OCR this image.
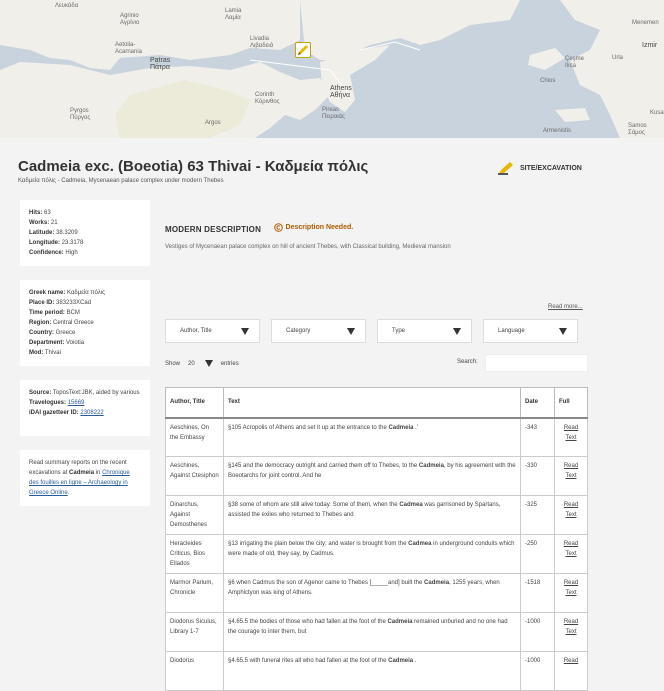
Λευκάδα
Agrinio
Αγρίνιο
Lamia
Λαμία
Aetolia-
Acarnania
Livadia
Λιβαδειά
Patras
Πάτρα
Corinth
Κόρινθος
Athens
Αθήνα
Pireas
Πειραιάς
Pyrgos
Πύργος
Izmir
Çeşme
Ilıca
Urla
Kusa
Samos
Σάμος
Menemen
Chios
Argos
Armenistis
Cadmeia exc. (Boeotia) 63 Thivai - Καδμεία πόλις
Καδμεία πόλις - Cadmeia, Mycenaean palace complex under modern Thebes
SITE/EXCAVATION
Hits: 63
Works: 21
Latitude: 38.3209
Longitude: 23.3178
Confidence: High
Greek name: Καδμεία πόλις
Place ID: 383233XCad
Time period: BCM
Region: Central Greece
Country: Greece
Department: Voiotia
Mod: Thivai
Source: ToposText:JBK, aided by various
Travelogues: 15669
iDAI gazetteer ID: 2308222
Read summary reports on the recent excavations at Cadmeia in Chronique des fouilles en ligne – Archaeology in Greece Online.
MODERN DESCRIPTION	Description Needed.
Vestiges of Mycenaean palace complex on hill of ancient Thebes, with Classical building, Medieval mansion
Read more...
Author, Title	Category	Type	Language
Show 20	entries	Search:
Author, Title	Text	Date	Full
Aeschines, On the Embassy	§105 Acropolis of Athens and set it up at the entrance to the Cadmeia .'	-343	Read Text
Aeschines, Against Ctesiphon	§145 and the democracy outright and carried them off to Thebes, to the Cadmeia, by his agreement with the Boeotarchs for joint control. And he	-330	Read Text
Dinarchus, Against Demosthenes	§38 some of whom are still alive today. Some of them, when the Cadmea was garrisoned by Spartans, assisted the exiles who returned to Thebes and	-325	Read Text
Heracleides Criticus, Bios Ellados	§13 irrigating the plain below the city; and water is brought from the Cadmea in underground conduits which were made of old, they say, by Cadmus.	-250	Read Text
Marmor Parium, Chronicle	§6 when Cadmus the son of Agenor came to Thebes [_____and] built the Cadmeia, 1255 years, when Amphictyon was king of Athens.	-1518	Read Text
Diodorus Siculus, Library 1-7	§4.65.5 the bodies of those who had fallen at the foot of the Cadmeia remained unburied and no one had the courage to inter them, but	-1000	Read Text
Diodorus	§4.65.5 with funeral rites all who had fallen at the foot of the Cadmeia .	-1000	Read
